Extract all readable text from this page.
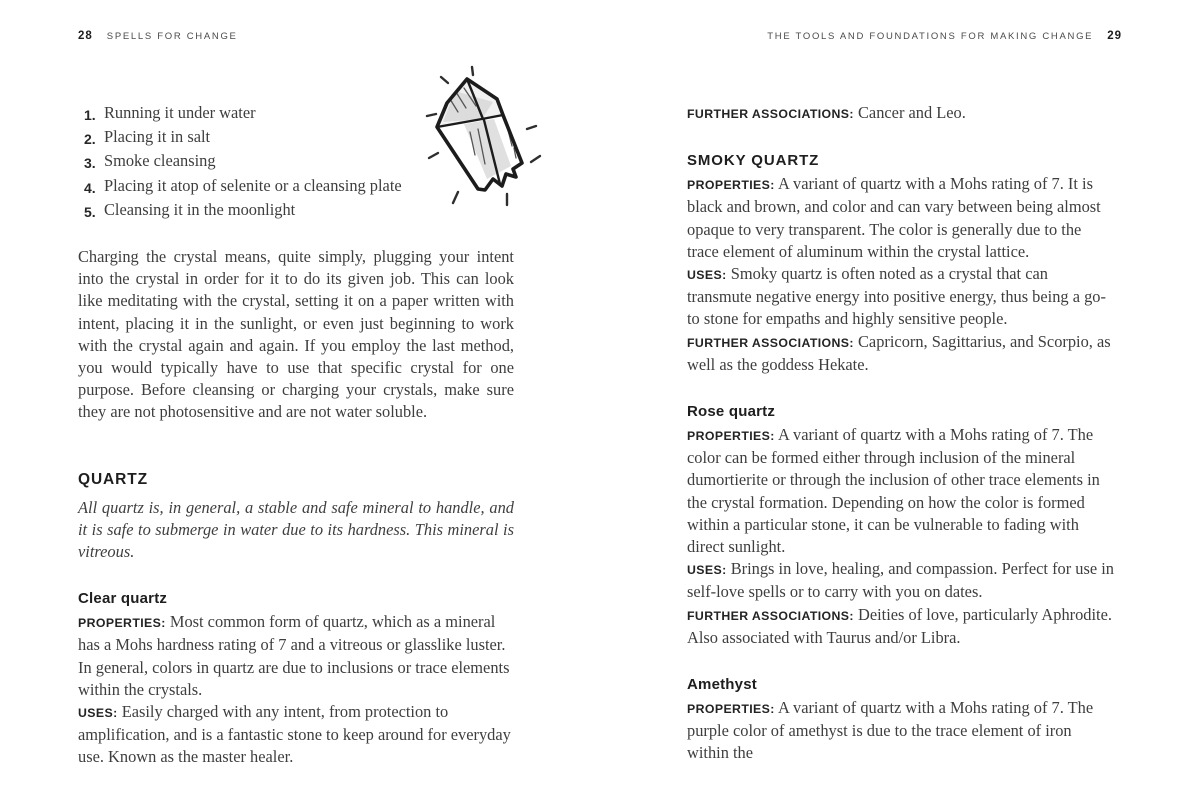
28 SPELLS FOR CHANGE	THE TOOLS AND FOUNDATIONS FOR MAKING CHANGE 29
1. Running it under water
2. Placing it in salt
3. Smoke cleansing
4. Placing it atop of selenite or a cleansing plate
5. Cleansing it in the moonlight

Charging the crystal means, quite simply, plugging your intent into the crystal in order for it to do its given job. This can look like meditating with the crystal, setting it on a paper written with intent, placing it in the sunlight, or even just beginning to work with the crystal again and again. If you employ the last method, you would typically have to use that specific crystal for one purpose. Before cleansing or charging your crystals, make sure they are not photosensitive and are not water soluble.

QUARTZ

All quartz is, in general, a stable and safe mineral to handle, and it is safe to submerge in water due to its hardness. This mineral is vitreous.

Clear quartz

PROPERTIES: Most common form of quartz, which as a mineral has a Mohs hardness rating of 7 and a vitreous or glasslike luster. In general, colors in quartz are due to inclusions or trace elements within the crystals.

USES: Easily charged with any intent, from protection to amplification, and is a fantastic stone to keep around for everyday use. Known as the master healer.

FURTHER ASSOCIATIONS: Cancer and Leo.

SMOKY QUARTZ

PROPERTIES: A variant of quartz with a Mohs rating of 7. It is black and brown, and color and can vary between being almost opaque to very transparent. The color is generally due to the trace element of aluminum within the crystal lattice.

USES: Smoky quartz is often noted as a crystal that can transmute negative energy into positive energy, thus being a go-to stone for empaths and highly sensitive people.

FURTHER ASSOCIATIONS: Capricorn, Sagittarius, and Scorpio, as well as the goddess Hekate.

Rose quartz

PROPERTIES: A variant of quartz with a Mohs rating of 7. The color can be formed either through inclusion of the mineral dumortierite or through the inclusion of other trace elements in the crystal formation. Depending on how the color is formed within a particular stone, it can be vulnerable to fading with direct sunlight.

USES: Brings in love, healing, and compassion. Perfect for use in self-love spells or to carry with you on dates.

FURTHER ASSOCIATIONS: Deities of love, particularly Aphrodite. Also associated with Taurus and/or Libra.

Amethyst

PROPERTIES: A variant of quartz with a Mohs rating of 7. The purple color of amethyst is due to the trace element of iron within the
